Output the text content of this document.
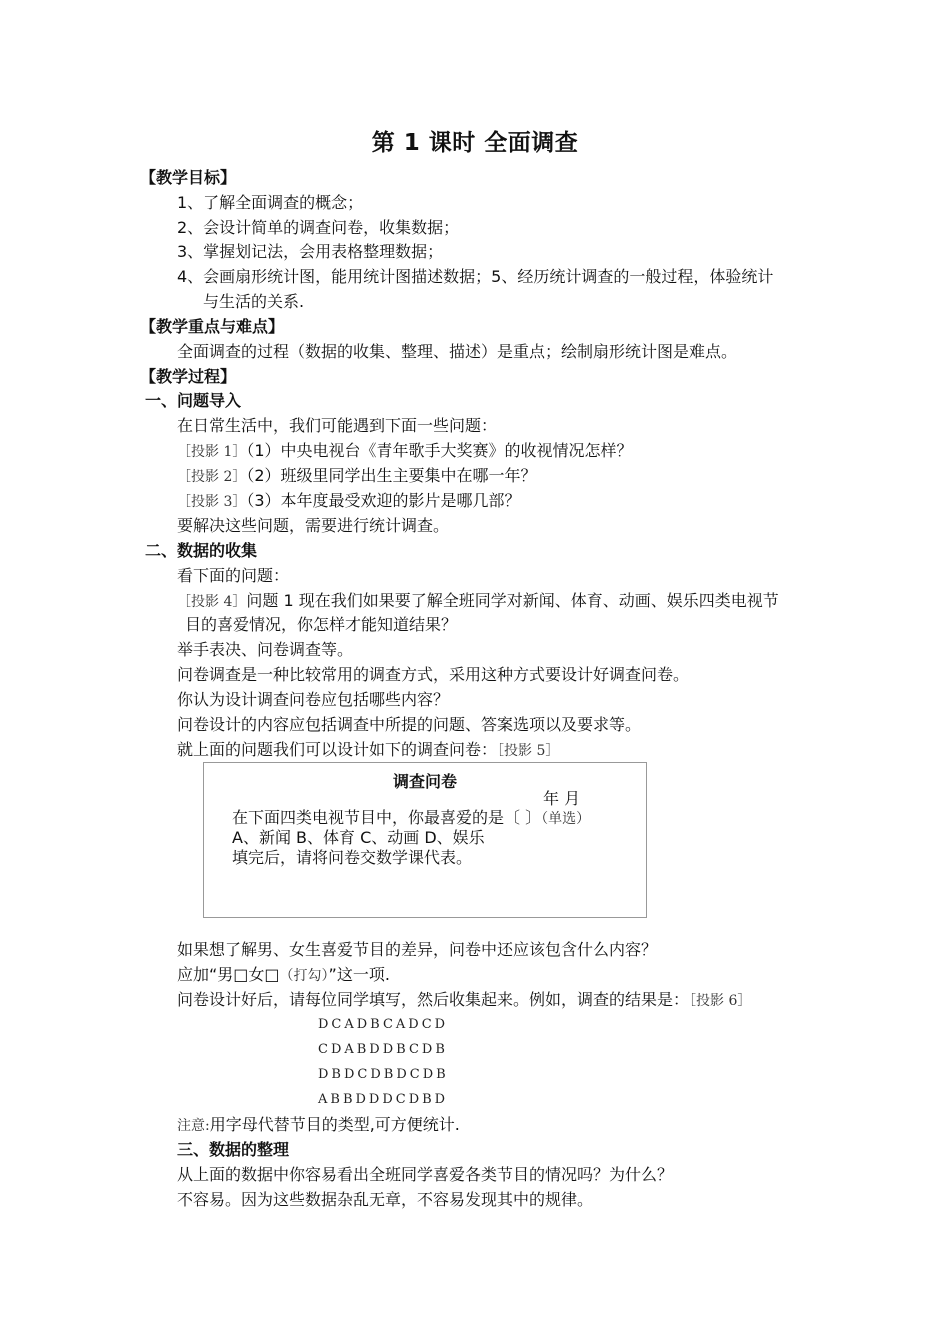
第 1 课时 全面调查
【教学目标】
1、了解全面调查的概念；
2、会设计简单的调查问卷，收集数据；
3、掌握划记法，会用表格整理数据；
4、会画扇形统计图，能用统计图描述数据；5、经历统计调查的一般过程，体验统计
与生活的关系.
【教学重点与难点】
全面调查的过程（数据的收集、整理、描述）是重点；绘制扇形统计图是难点。
【教学过程】
一、问题导入
在日常生活中，我们可能遇到下面一些问题：
［投影 1］（1）中央电视台《青年歌手大奖赛》的收视情况怎样？
［投影 2］（2）班级里同学出生主要集中在哪一年？
［投影 3］（3）本年度最受欢迎的影片是哪几部？
要解决这些问题，需要进行统计调查。
二、数据的收集
看下面的问题：
［投影 4］问题 1 现在我们如果要了解全班同学对新闻、体育、动画、娱乐四类电视节
目的喜爱情况，你怎样才能知道结果？
举手表决、问卷调查等。
问卷调查是一种比较常用的调查方式，采用这种方式要设计好调查问卷。
你认为设计调查问卷应包括哪些内容？
问卷设计的内容应包括调查中所提的问题、答案选项以及要求等。
就上面的问题我们可以设计如下的调查问卷：［投影 5］
调查问卷
年 月
在下面四类电视节目中，你最喜爱的是〔 〕（单选）
A、新闻 B、体育 C、动画 D、娱乐
填完后，请将问卷交数学课代表。
如果想了解男、女生喜爱节目的差异，问卷中还应该包含什么内容？
应加“男□女□（打勾）”这一项.
问卷设计好后，请每位同学填写，然后收集起来。例如，调查的结果是：［投影 6］
DCADBCADCD
CDABDDBCDB
DBDCDBDCDB
ABBDDDCDBD
注意:用字母代替节目的类型,可方便统计.
三、数据的整理
从上面的数据中你容易看出全班同学喜爱各类节目的情况吗？为什么？
不容易。因为这些数据杂乱无章，不容易发现其中的规律。
